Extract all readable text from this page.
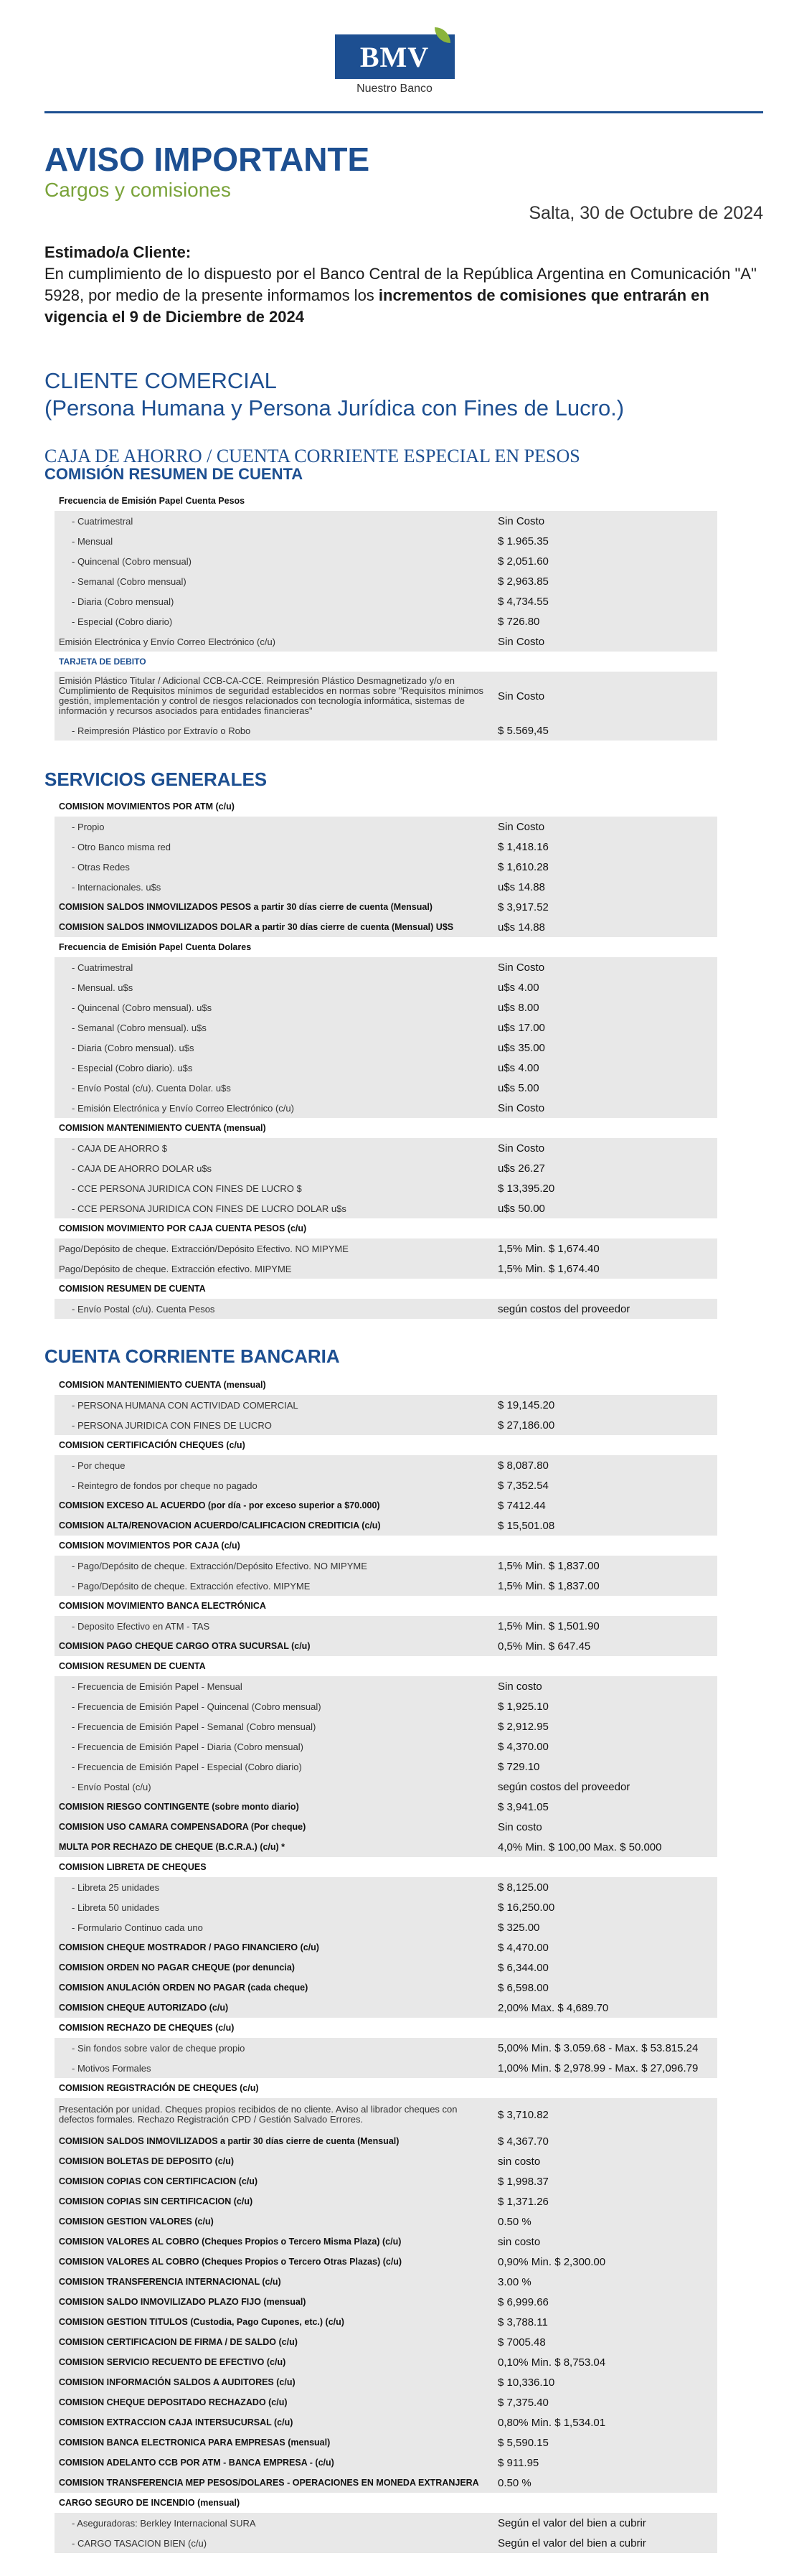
BMV
Nuestro Banco
AVISO IMPORTANTE
Cargos y comisiones
Salta, 30 de Octubre de 2024
Estimado/a Cliente:
En cumplimiento de lo dispuesto por el Banco Central de la República Argentina en Comunicación "A" 5928, por medio de la presente informamos los incrementos de comisiones que entrarán en vigencia el 9 de Diciembre de 2024
CLIENTE COMERCIAL
(Persona Humana y Persona Jurídica con Fines de Lucro.)
CAJA DE AHORRO / CUENTA CORRIENTE ESPECIAL EN PESOS
COMISIÓN RESUMEN DE CUENTA
Frecuencia de Emisión Papel Cuenta Pesos	
- Cuatrimestral	Sin Costo
- Mensual	$ 1.965.35
- Quincenal (Cobro mensual)	$ 2,051.60
- Semanal (Cobro mensual)	$ 2,963.85
- Diaria (Cobro mensual)	$ 4,734.55
- Especial (Cobro diario)	$ 726.80
Emisión Electrónica y Envío Correo Electrónico (c/u)	Sin Costo
TARJETA DE DEBITO	
Emisión Plástico Titular / Adicional CCB-CA-CCE. Reimpresión Plástico Desmagnetizado y/o en Cumplimiento de Requisitos mínimos de seguridad establecidos en normas sobre "Requisitos mínimos gestión, implementación y control de riesgos relacionados con tecnología informática, sistemas de información y recursos asociados para entidades financieras"	Sin Costo
- Reimpresión Plástico por Extravío o Robo	$ 5.569,45
SERVICIOS GENERALES
COMISION MOVIMIENTOS POR ATM (c/u)	
- Propio	Sin Costo
- Otro Banco misma red	$ 1,418.16
- Otras Redes	$ 1,610.28
- Internacionales. u$s	u$s 14.88
COMISION SALDOS INMOVILIZADOS PESOS a partir 30 días cierre de cuenta (Mensual)	$ 3,917.52
COMISION SALDOS INMOVILIZADOS DOLAR a partir 30 días cierre de cuenta (Mensual) U$S	u$s 14.88
Frecuencia de Emisión Papel Cuenta Dolares	
- Cuatrimestral	Sin Costo
- Mensual. u$s	u$s 4.00
- Quincenal (Cobro mensual). u$s	u$s 8.00
- Semanal (Cobro mensual). u$s	u$s 17.00
- Diaria (Cobro mensual). u$s	u$s 35.00
- Especial (Cobro diario). u$s	u$s 4.00
- Envío Postal (c/u). Cuenta Dolar. u$s	u$s 5.00
- Emisión Electrónica y Envío Correo Electrónico (c/u)	Sin Costo
COMISION MANTENIMIENTO CUENTA (mensual)	
- CAJA DE AHORRO $	Sin Costo
- CAJA DE AHORRO DOLAR u$s	u$s 26.27
- CCE PERSONA JURIDICA CON FINES DE LUCRO $	$ 13,395.20
- CCE PERSONA JURIDICA CON FINES DE LUCRO DOLAR u$s	u$s 50.00
COMISION MOVIMIENTO POR CAJA CUENTA PESOS (c/u)	
Pago/Depósito de cheque. Extracción/Depósito Efectivo. NO MIPYME	1,5% Min. $ 1,674.40
Pago/Depósito de cheque. Extracción efectivo. MIPYME	1,5% Min. $ 1,674.40
COMISION RESUMEN DE CUENTA	
- Envío Postal (c/u). Cuenta Pesos	según costos del proveedor
CUENTA CORRIENTE BANCARIA
COMISION MANTENIMIENTO CUENTA (mensual)	
- PERSONA HUMANA CON ACTIVIDAD COMERCIAL	$ 19,145.20
- PERSONA JURIDICA CON FINES DE LUCRO	$ 27,186.00
COMISION CERTIFICACIÓN CHEQUES (c/u)	
- Por cheque	$ 8,087.80
- Reintegro de fondos por cheque no pagado	$ 7,352.54
COMISION EXCESO AL ACUERDO (por día - por exceso superior a $70.000)	$ 7412.44
COMISION ALTA/RENOVACION ACUERDO/CALIFICACION CREDITICIA (c/u)	$ 15,501.08
COMISION MOVIMIENTOS POR CAJA (c/u)	
- Pago/Depósito de cheque. Extracción/Depósito Efectivo. NO MIPYME	1,5% Min. $ 1,837.00
- Pago/Depósito de cheque. Extracción efectivo. MIPYME	1,5% Min. $ 1,837.00
COMISION MOVIMIENTO BANCA ELECTRÓNICA	
- Deposito Efectivo en ATM - TAS	1,5% Min. $ 1,501.90
COMISION PAGO CHEQUE CARGO OTRA SUCURSAL (c/u)	0,5% Min. $ 647.45
COMISION RESUMEN DE CUENTA	
- Frecuencia de Emisión Papel - Mensual	Sin costo
- Frecuencia de Emisión Papel - Quincenal (Cobro mensual)	$ 1,925.10
- Frecuencia de Emisión Papel - Semanal (Cobro mensual)	$ 2,912.95
- Frecuencia de Emisión Papel - Diaria (Cobro mensual)	$ 4,370.00
- Frecuencia de Emisión Papel - Especial (Cobro diario)	$ 729.10
- Envío Postal (c/u)	según costos del proveedor
COMISION RIESGO CONTINGENTE (sobre monto diario)	$ 3,941.05
COMISION USO CAMARA COMPENSADORA (Por cheque)	Sin costo
MULTA POR RECHAZO DE CHEQUE (B.C.R.A.) (c/u) *	4,0% Min. $ 100,00 Max. $ 50.000
COMISION LIBRETA DE CHEQUES	
- Libreta 25 unidades	$ 8,125.00
- Libreta 50 unidades	$ 16,250.00
- Formulario Continuo cada uno	$ 325.00
COMISION CHEQUE MOSTRADOR / PAGO FINANCIERO (c/u)	$ 4,470.00
COMISION ORDEN NO PAGAR CHEQUE (por denuncia)	$ 6,344.00
COMISION ANULACIÓN ORDEN NO PAGAR (cada cheque)	$ 6,598.00
COMISION CHEQUE AUTORIZADO (c/u)	2,00% Max. $ 4,689.70
COMISION RECHAZO DE CHEQUES (c/u)	
- Sin fondos sobre valor de cheque propio	5,00% Min. $ 3.059.68 - Max. $ 53.815.24
- Motivos Formales	1,00% Min. $ 2,978.99 - Max. $ 27,096.79
COMISION REGISTRACIÓN DE CHEQUES (c/u)	
Presentación por unidad. Cheques propios recibidos de no cliente. Aviso al librador cheques con defectos formales. Rechazo Registración CPD / Gestión Salvado Errores.	$ 3,710.82
COMISION SALDOS INMOVILIZADOS a partir 30 días cierre de cuenta (Mensual)	$ 4,367.70
COMISION BOLETAS DE DEPOSITO (c/u)	sin costo
COMISION COPIAS CON CERTIFICACION (c/u)	$ 1,998.37
COMISION COPIAS SIN CERTIFICACION (c/u)	$ 1,371.26
COMISION GESTION VALORES (c/u)	0.50 %
COMISION VALORES AL COBRO (Cheques Propios o Tercero Misma Plaza) (c/u)	sin costo
COMISION VALORES AL COBRO (Cheques Propios o Tercero Otras Plazas) (c/u)	0,90% Min. $ 2,300.00
COMISION TRANSFERENCIA INTERNACIONAL (c/u)	3.00 %
COMISION SALDO INMOVILIZADO PLAZO FIJO (mensual)	$ 6,999.66
COMISION GESTION TITULOS (Custodia, Pago Cupones, etc.) (c/u)	$ 3,788.11
COMISION CERTIFICACION DE FIRMA / DE SALDO (c/u)	$ 7005.48
COMISION SERVICIO RECUENTO DE EFECTIVO (c/u)	0,10% Min. $ 8,753.04
COMISION INFORMACIÓN SALDOS A AUDITORES (c/u)	$ 10,336.10
COMISION CHEQUE DEPOSITADO RECHAZADO (c/u)	$ 7,375.40
COMISION EXTRACCION CAJA INTERSUCURSAL (c/u)	0,80% Min. $ 1,534.01
COMISION BANCA ELECTRONICA PARA EMPRESAS (mensual)	$ 5,590.15
COMISION ADELANTO CCB POR ATM - BANCA EMPRESA - (c/u)	$ 911.95
COMISION TRANSFERENCIA MEP PESOS/DOLARES - OPERACIONES EN MONEDA EXTRANJERA	0.50 %
CARGO SEGURO DE INCENDIO (mensual)	
- Aseguradoras: Berkley Internacional SURA	Según el valor del bien a cubrir
- CARGO TASACION BIEN (c/u)	Según el valor del bien a cubrir
